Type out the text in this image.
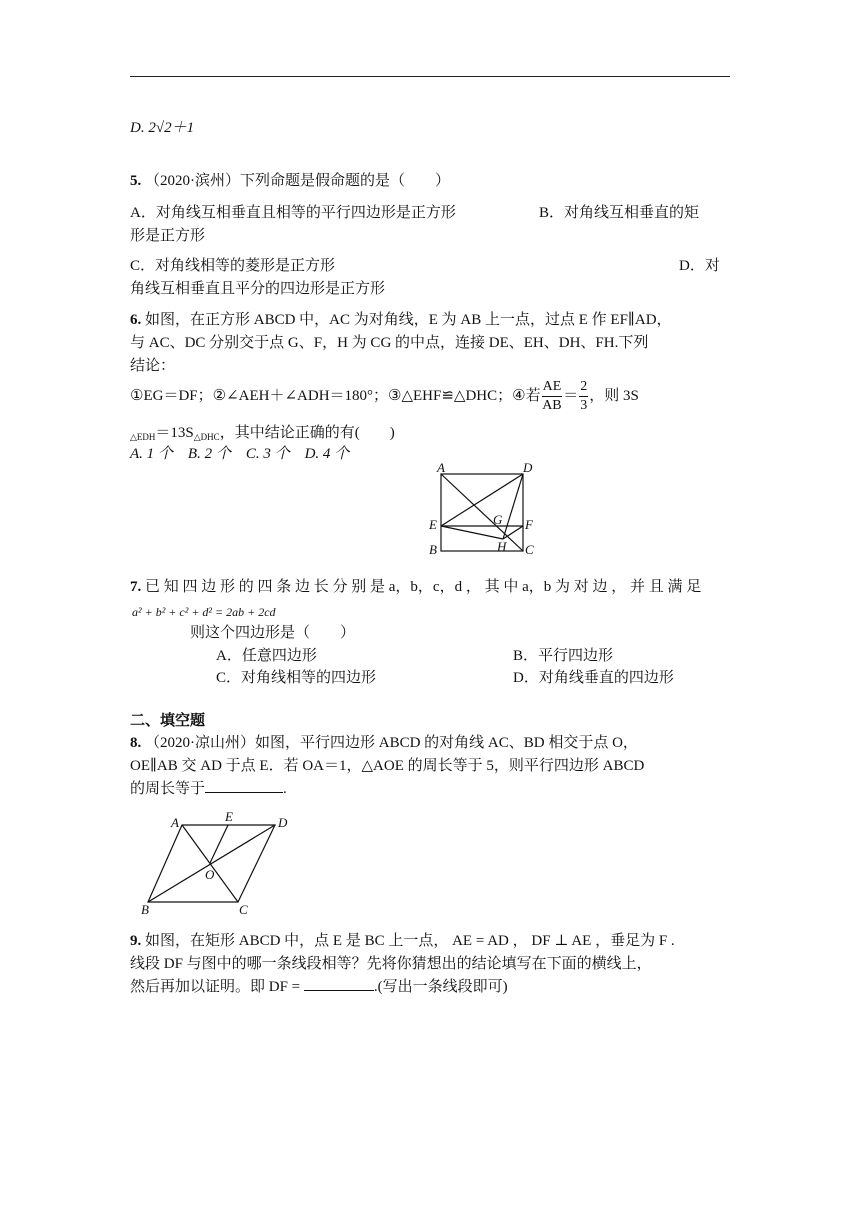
D. 2√2＋1
5. （2020·滨州）下列命题是假命题的是（　　）
A．对角线互相垂直且相等的平行四边形是正方形	B．对角线互相垂直的矩
形是正方形
C．对角线相等的菱形是正方形	D．对
角线互相垂直且平分的四边形是正方形
6. 如图，在正方形 ABCD 中，AC 为对角线，E 为 AB 上一点，过点 E 作 EF∥AD，
与 AC、DC 分别交于点 G、F，H 为 CG 的中点，连接 DE、EH、DH、FH.下列
结论：
①EG＝DF；②∠AEH＋∠ADH＝180°；③△EHF≌△DHC；④若 $\frac{AE}{AB} = \frac{2}{3}$ ，则 3S
$_{\triangle EDH}=13S_{\triangle DHC}$，其中结论正确的有(　　)
A. 1 个　B. 2 个　C. 3 个　D. 4 个
A	D
E	G F
B	H C
7. 已 知 四 边 形 的 四 条 边 长 分 别 是 a，b，c，d ， 其 中 a，b 为 对 边 ， 并 且 满 足
a² + b² + c² + d² = 2ab + 2cd
则这个四边形是（　　）
A．任意四边形	B．平行四边形
C．对角线相等的四边形	D．对角线垂直的四边形
二、填空题
8. （2020·凉山州）如图，平行四边形 ABCD 的对角线 AC、BD 相交于点 O，
OE∥AB 交 AD 于点 E．若 OA＝1，△AOE 的周长等于 5，则平行四边形 ABCD
的周长等于	.
A	E	D
O
B	C
9. 如图，在矩形 ABCD 中，点 E 是 BC 上一点， AE = AD ， DF ⊥ AE ，垂足为 F .
线段 DF 与图中的哪一条线段相等？先将你猜想出的结论填写在下面的横线上，
然后再加以证明。即 DF =	.(写出一条线段即可)
